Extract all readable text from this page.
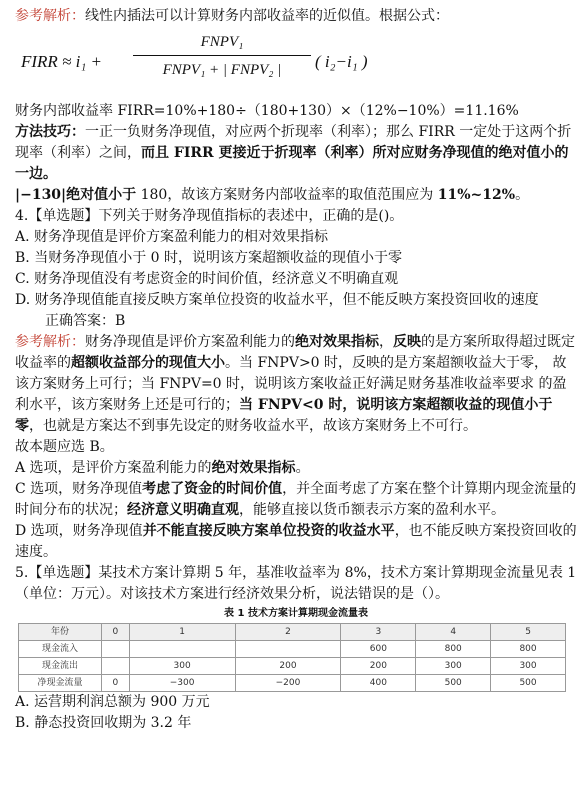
参考解析：线性内插法可以计算财务内部收益率的近似值。根据公式：

FIRR ≈ i₁ +
FNPV₁
FNPV₁ + | FNPV₂ |	( i₂−i₁ )

财务内部收益率 FIRR=10%+180÷（180+130）×（12%−10%）=11.16%

方法技巧：一正一负财务净现值，对应两个折现率（利率）；那么 FIRR 一定处于这两个折现率（利率）之间，而且 FIRR 更接近于折现率（利率）所对应财务净现值的绝对值小的一边。

|−130|绝对值小于 180，故该方案财务内部收益率的取值范围应为 11%~12%。

4.【单选题】下列关于财务净现值指标的表述中，正确的是()。

A. 财务净现值是评价方案盈利能力的相对效果指标

B. 当财务净现值小于 0 时，说明该方案超额收益的现值小于零

C. 财务净现值没有考虑资金的时间价值，经济意义不明确直观

D. 财务净现值能直接反映方案单位投资的收益水平，但不能反映方案投资回收的速度

正确答案：B

参考解析：财务净现值是评价方案盈利能力的绝对效果指标，反映的是方案所取得超过既定收益率的超额收益部分的现值大小。当 FNPV>0 时，反映的是方案超额收益大于零， 故该方案财务上可行；当 FNPV=0 时，说明该方案收益正好满足财务基准收益率要求 的盈利水平，该方案财务上还是可行的；当 FNPV<0 时，说明该方案超额收益的现值小于零，也就是方案达不到事先设定的财务收益水平，故该方案财务上不可行。

故本题应选 B。

A 选项，是评价方案盈利能力的绝对效果指标。

C 选项，财务净现值考虑了资金的时间价值，并全面考虑了方案在整个计算期内现金流量的时间分布的状况；经济意义明确直观，能够直接以货币额表示方案的盈利水平。

D 选项，财务净现值并不能直接反映方案单位投资的收益水平，也不能反映方案投资回收的速度。

5.【单选题】某技术方案计算期 5 年，基准收益率为 8%，技术方案计算期现金流量见表 1（单位：万元）。对该技术方案进行经济效果分析，说法错误的是（）。

表 1 技术方案计算期现金流量表
年份	0	1	2	3	4	5
现金流入				600	800	800
现金流出		300	200	200	300	300
净现金流量	0	−300	−200	400	500	500

A. 运营期利润总额为 900 万元

B. 静态投资回收期为 3.2 年
